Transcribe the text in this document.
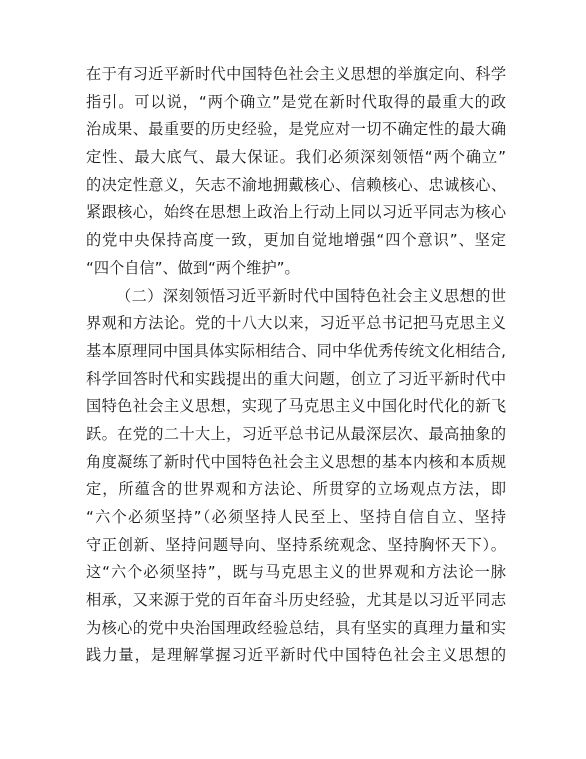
在于有习近平新时代中国特色社会主义思想的举旗定向、科学
指引。可以说，“两个确立”是党在新时代取得的最重大的政
治成果、最重要的历史经验，是党应对一切不确定性的最大确
定性、最大底气、最大保证。我们必须深刻领悟“两个确立”
的决定性意义，矢志不渝地拥戴核心、信赖核心、忠诚核心、
紧跟核心，始终在思想上政治上行动上同以习近平同志为核心
的党中央保持高度一致，更加自觉地增强“四个意识”、坚定
“四个自信”、做到“两个维护”。
（二）深刻领悟习近平新时代中国特色社会主义思想的世
界观和方法论。党的十八大以来，习近平总书记把马克思主义
基本原理同中国具体实际相结合、同中华优秀传统文化相结合,
科学回答时代和实践提出的重大问题，创立了习近平新时代中
国特色社会主义思想，实现了马克思主义中国化时代化的新飞
跃。在党的二十大上，习近平总书记从最深层次、最高抽象的
角度凝练了新时代中国特色社会主义思想的基本内核和本质规
定，所蕴含的世界观和方法论、所贯穿的立场观点方法，即
“六个必须坚持”（必须坚持人民至上、坚持自信自立、坚持
守正创新、坚持问题导向、坚持系统观念、坚持胸怀天下）。
这“六个必须坚持”，既与马克思主义的世界观和方法论一脉
相承，又来源于党的百年奋斗历史经验，尤其是以习近平同志
为核心的党中央治国理政经验总结，具有坚实的真理力量和实
践力量，是理解掌握习近平新时代中国特色社会主义思想的
